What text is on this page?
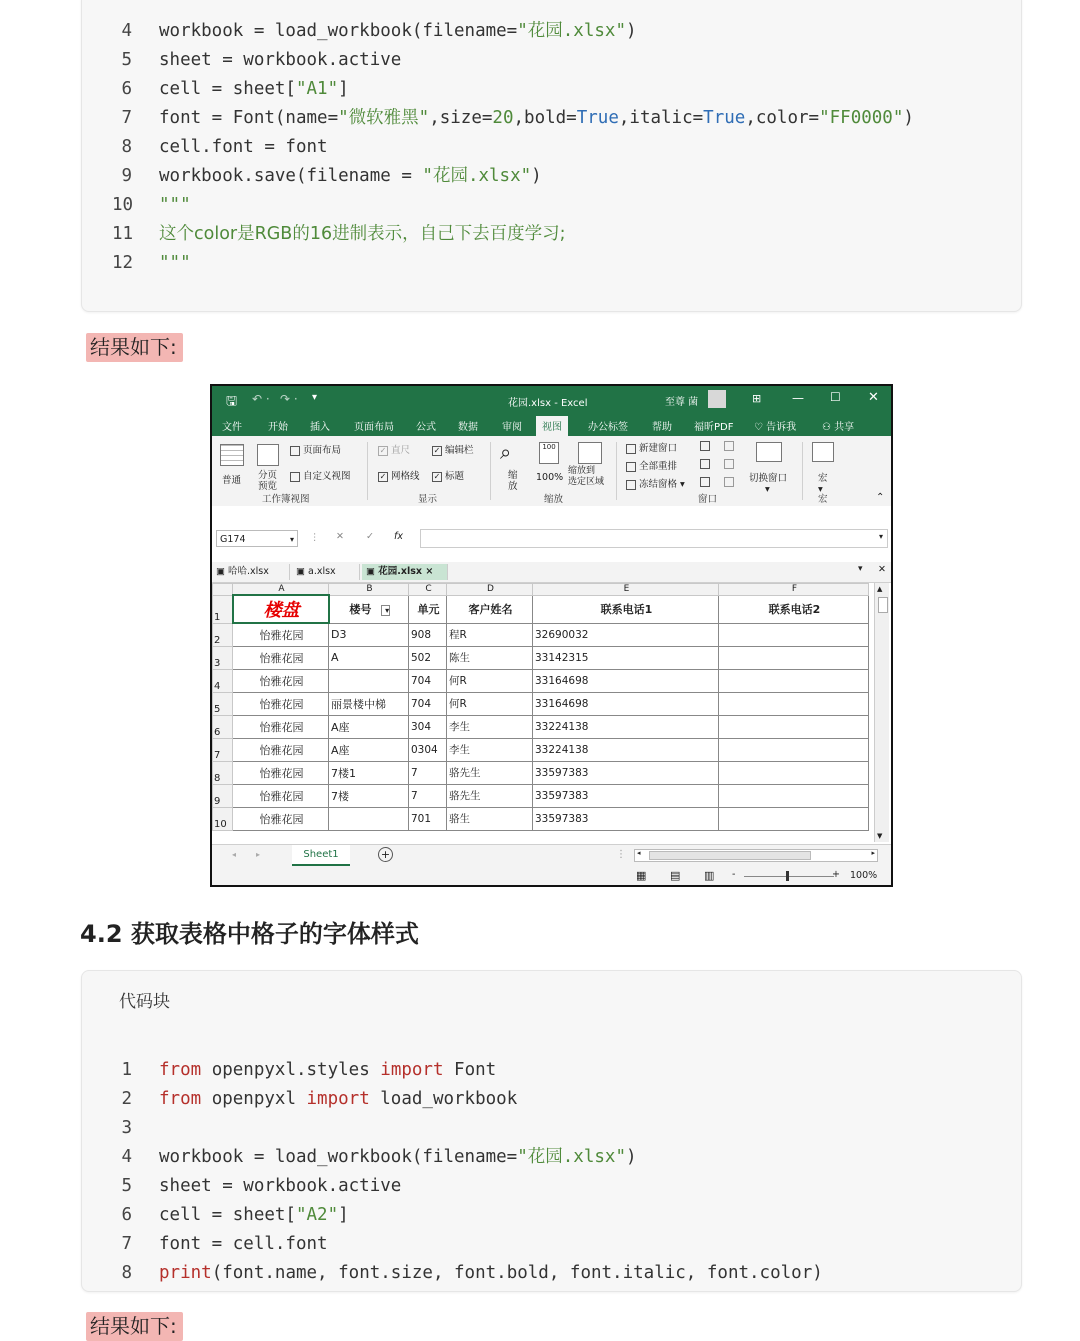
4 workbook = load_workbook(filename="花园.xlsx")
5 sheet = workbook.active
6 cell = sheet["A1"]
7 font = Font(name="微软雅黑",size=20,bold=True,italic=True,color="FF0000")
8 cell.font = font
9 workbook.save(filename = "花园.xlsx")
10 """
11 这个color是RGB的16进制表示，自己下去百度学习;
12 """
结果如下:
🖫 ↶ · ↷ · ▾
花园.xlsx - Excel	至尊 菌	⊞	— ☐ ✕
文件	开始 插入 页面布局 公式 数据 审阅	视图	办公标签 帮助 福昕PDF ♡ 告诉我	⚇ 共享
普通 分页
预览
页面布局
自定义视图
工作簿视图
✓ 直尺	✓ 编辑栏
✓ 网格线 ✓ 标题
显示
⌕
缩
放
100
100%
缩放到
选定区域
缩放
新建窗口
全部重排
冻结窗格 ▾
切换窗口
▾
窗口
宏
▾
宏	⌃
G174	▾ ⋮ ✕ ✓ fx	▾
▣ 哈哈.xlsx	▣ a.xlsx	▣ 花园.xlsx ×	▾ ✕
	A	B	C	D	E	F
1	楼盘	楼号 ▾	单元	客户姓名	联系电话1	联系电话2
2	怡雅花园	D3	908	程R	32690032	
3	怡雅花园	A	502	陈生	33142315	
4	怡雅花园		704	何R	33164698	
5	怡雅花园	丽景楼中梯	704	何R	33164698	
6	怡雅花园	A座	304	李生	33224138	
7	怡雅花园	A座	0304	李生	33224138	
8	怡雅花园	7楼1	7	骆先生	33597383	
9	怡雅花园	7楼	7	骆先生	33597383	
10	怡雅花园		701	骆生	33597383	
▲
▼
◂ ▸	Sheet1	+	⋮ ◂	▸
▦ ▤ ▥ -	+ 100%
4.2 获取表格中格子的字体样式
代码块
1 from openpyxl.styles import Font
2 from openpyxl import load_workbook
3
4 workbook = load_workbook(filename="花园.xlsx")
5 sheet = workbook.active
6 cell = sheet["A2"]
7 font = cell.font
8 print(font.name, font.size, font.bold, font.italic, font.color)
结果如下:
